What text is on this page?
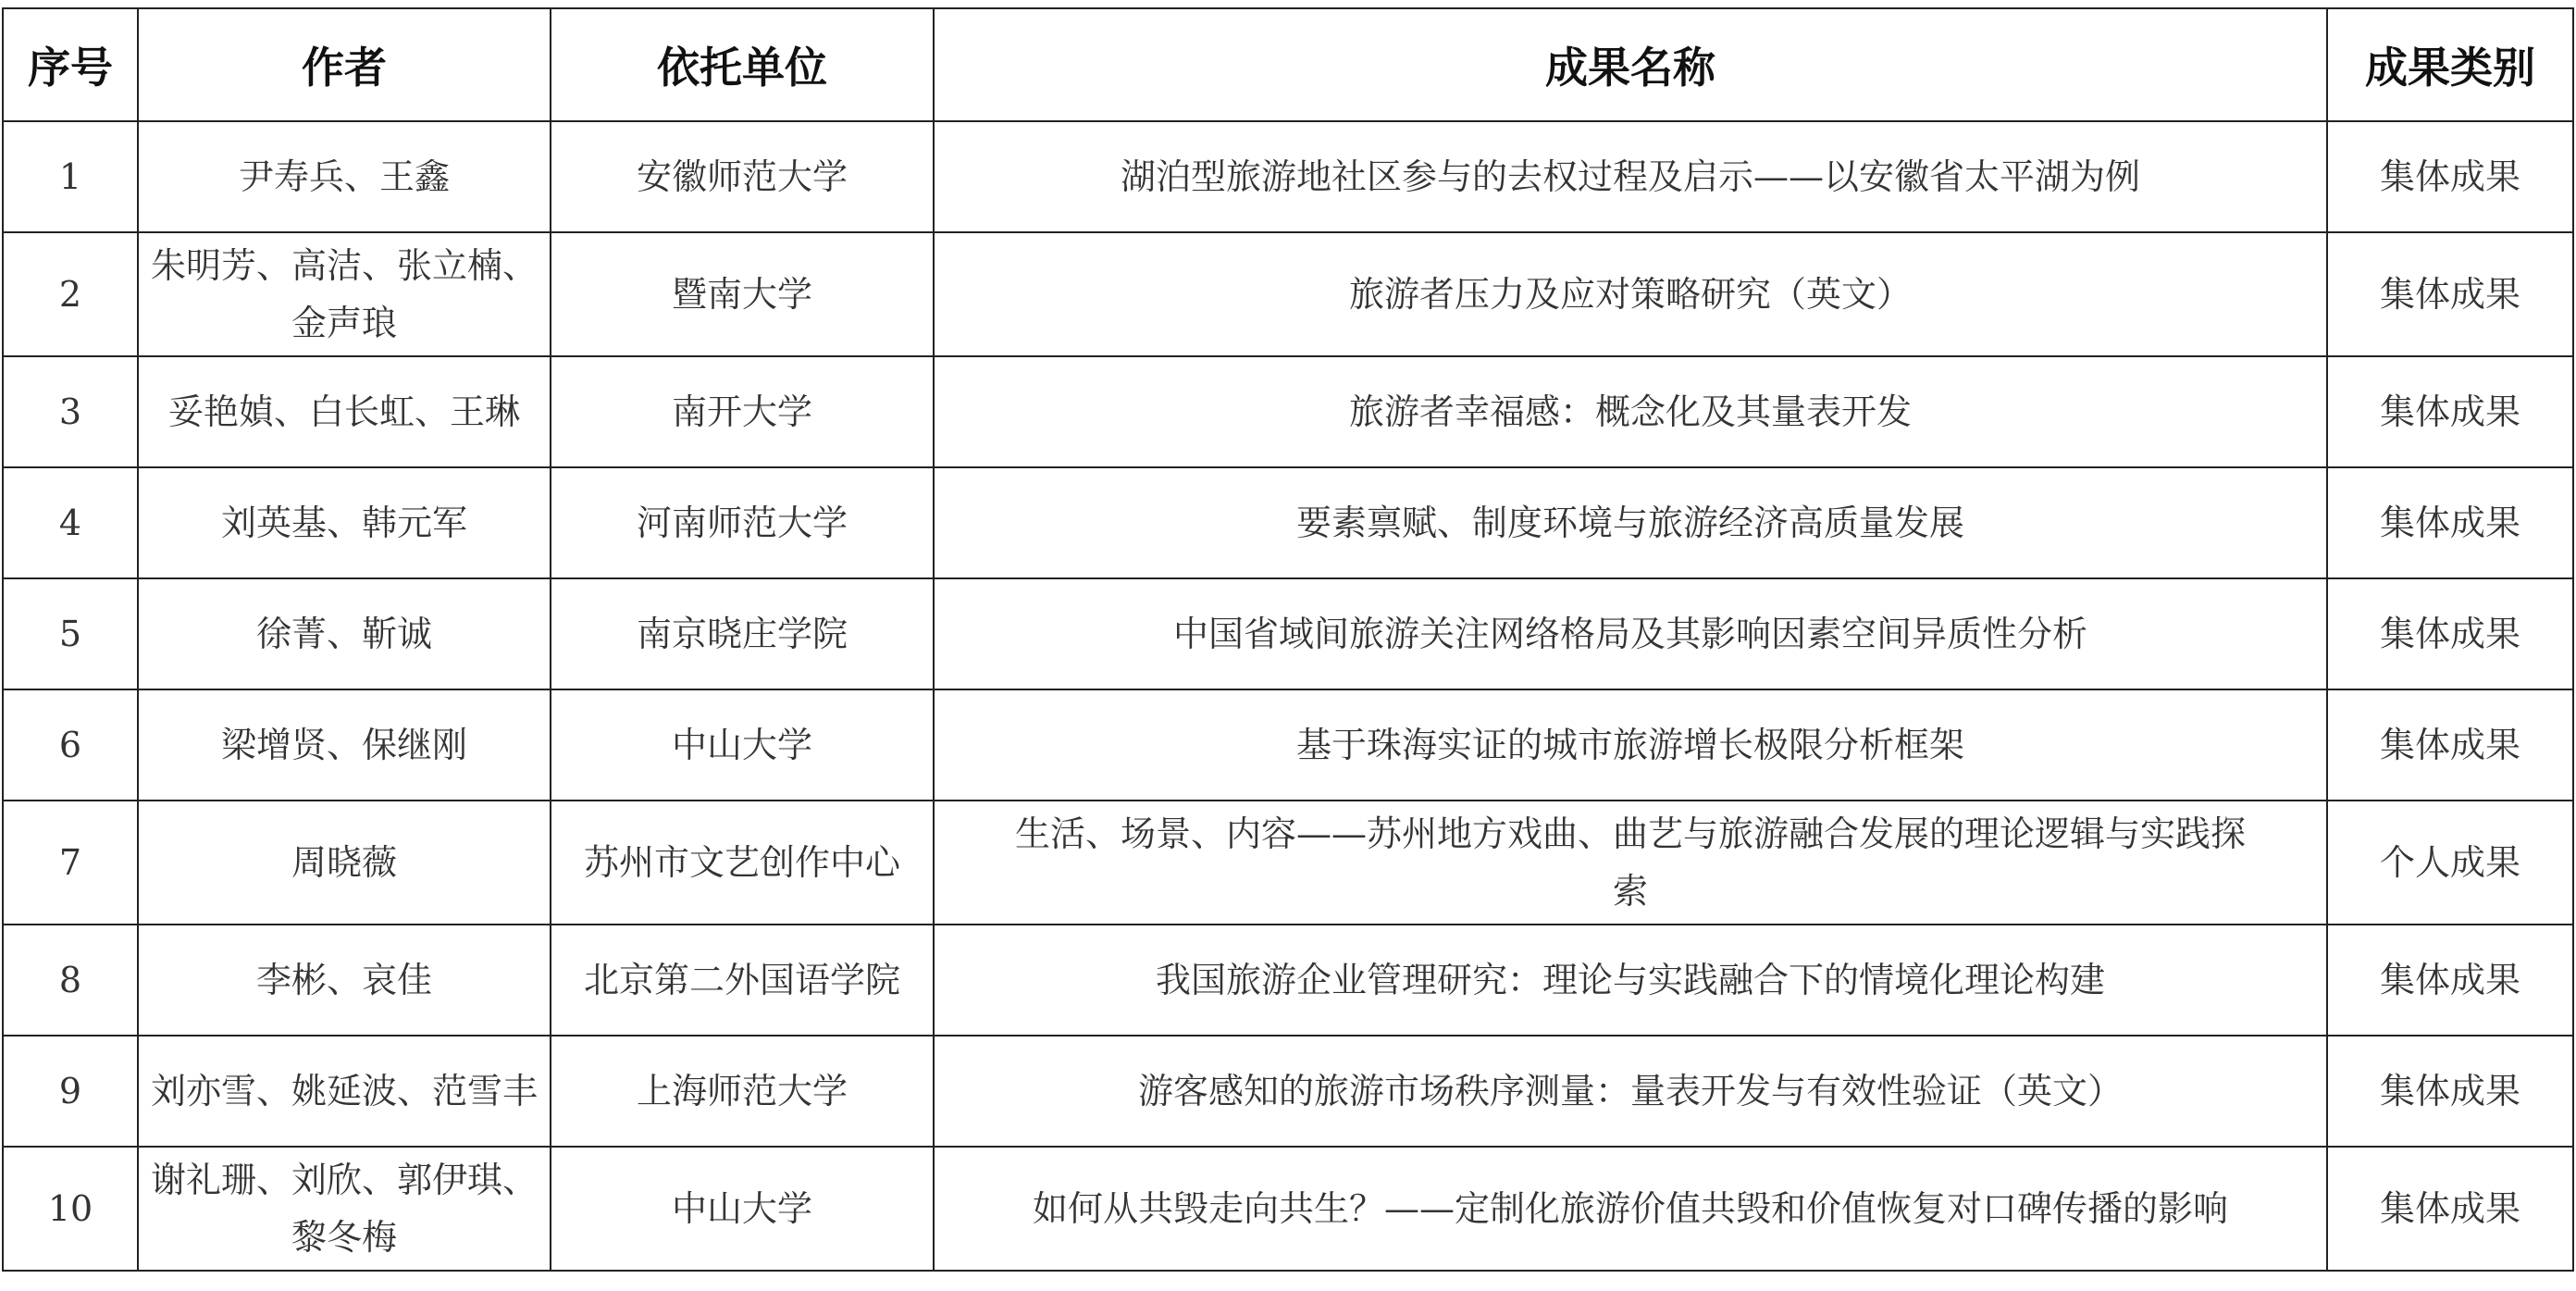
序号	作者	依托单位	成果名称	成果类别
1	尹寿兵、王鑫	安徽师范大学	湖泊型旅游地社区参与的去权过程及启示——以安徽省太平湖为例	集体成果
2	朱明芳、高洁、张立楠、金声琅	暨南大学	旅游者压力及应对策略研究（英文）	集体成果
3	妥艳媜、白长虹、王琳	南开大学	旅游者幸福感：概念化及其量表开发	集体成果
4	刘英基、韩元军	河南师范大学	要素禀赋、制度环境与旅游经济高质量发展	集体成果
5	徐菁、靳诚	南京晓庄学院	中国省域间旅游关注网络格局及其影响因素空间异质性分析	集体成果
6	梁增贤、保继刚	中山大学	基于珠海实证的城市旅游增长极限分析框架	集体成果
7	周晓薇	苏州市文艺创作中心	生活、场景、内容——苏州地方戏曲、曲艺与旅游融合发展的理论逻辑与实践探索	个人成果
8	李彬、哀佳	北京第二外国语学院	我国旅游企业管理研究：理论与实践融合下的情境化理论构建	集体成果
9	刘亦雪、姚延波、范雪丰	上海师范大学	游客感知的旅游市场秩序测量：量表开发与有效性验证（英文）	集体成果
10	谢礼珊、刘欣、郭伊琪、黎冬梅	中山大学	如何从共毁走向共生？——定制化旅游价值共毁和价值恢复对口碑传播的影响	集体成果
